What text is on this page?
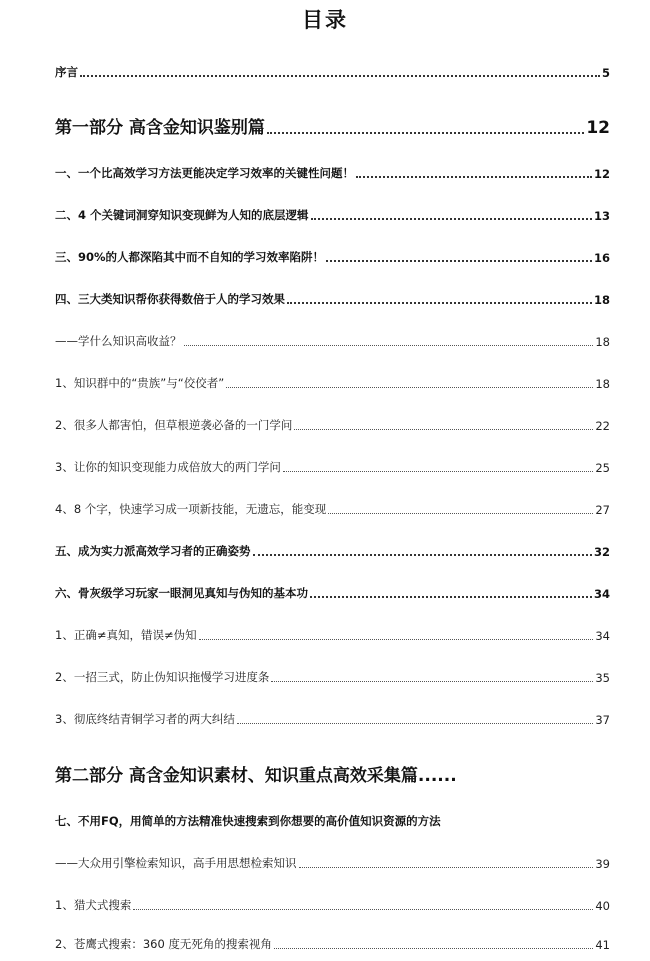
目录
序言	5
第一部分 高含金知识鉴别篇	12
一、一个比高效学习方法更能决定学习效率的关键性问题！	12
二、4 个关键词洞穿知识变现鲜为人知的底层逻辑	13
三、90%的人都深陷其中而不自知的学习效率陷阱！	16
四、三大类知识帮你获得数倍于人的学习效果	18
——学什么知识高收益？	18
1、知识群中的“贵族”与“佼佼者”	18
2、很多人都害怕，但草根逆袭必备的一门学问	22
3、让你的知识变现能力成倍放大的两门学问	25
4、8 个字，快速学习成一项新技能，无遗忘，能变现	27
五、成为实力派高效学习者的正确姿势	32
六、骨灰级学习玩家一眼洞见真知与伪知的基本功	34
1、正确≠真知，错误≠伪知	34
2、一招三式，防止伪知识拖慢学习进度条	35
3、彻底终结青铜学习者的两大纠结	37
第二部分 高含金知识素材、知识重点高效采集篇......
七、不用FQ，用简单的方法精准快速搜索到你想要的高价值知识资源的方法
——大众用引擎检索知识，高手用思想检索知识	39
1、猎犬式搜索	40
2、苍鹰式搜索：360 度无死角的搜索视角	41
